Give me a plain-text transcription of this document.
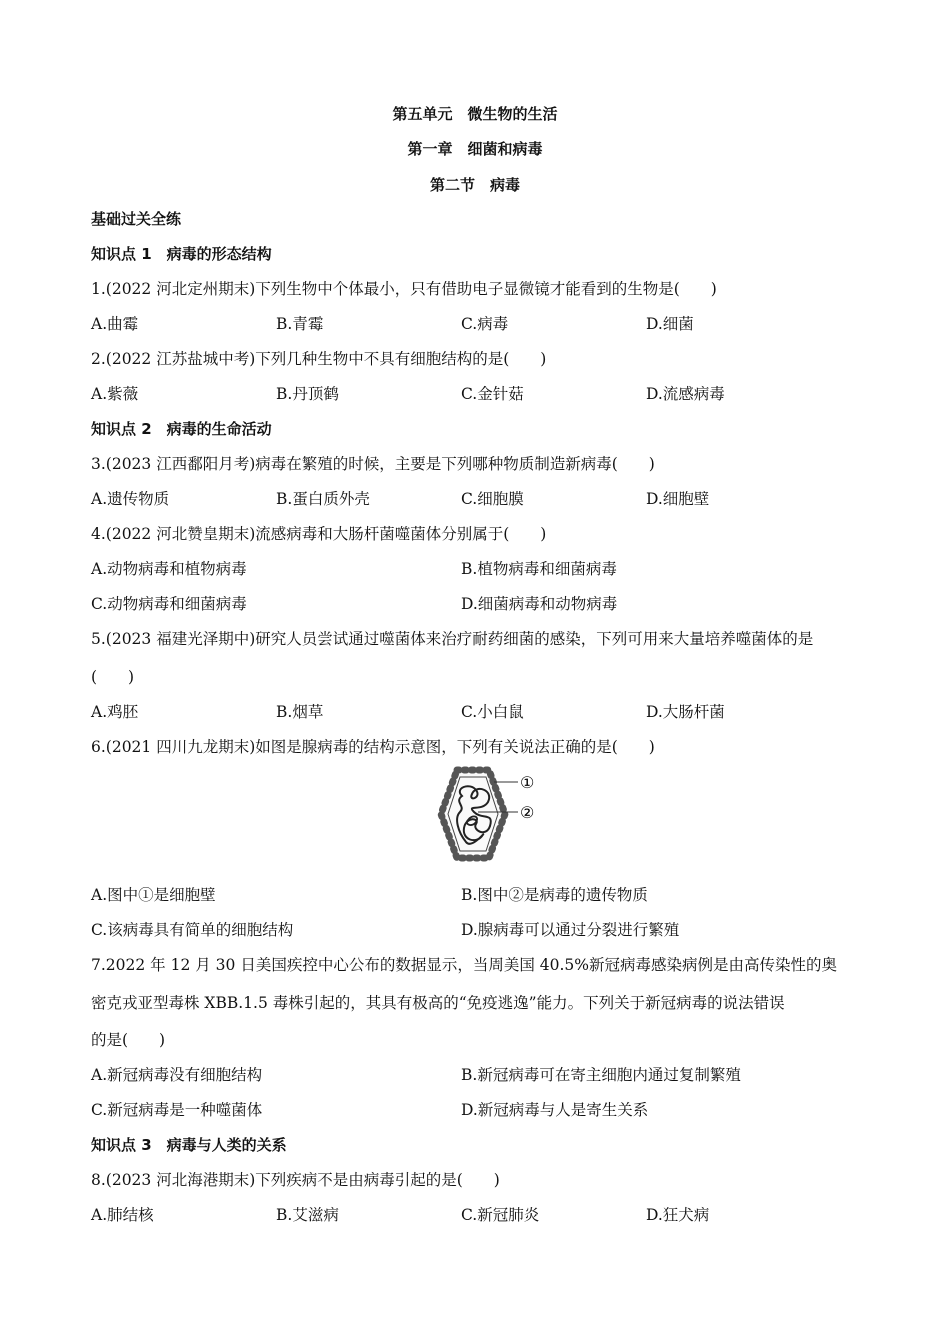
第五单元　微生物的生活
第一章　细菌和病毒
第二节　病毒
基础过关全练
知识点 1　病毒的形态结构
1.(2022 河北定州期末)下列生物中个体最小，只有借助电子显微镜才能看到的生物是(　　)
A.曲霉	B.青霉	C.病毒	D.细菌
2.(2022 江苏盐城中考)下列几种生物中不具有细胞结构的是(　　)
A.紫薇	B.丹顶鹤	C.金针菇	D.流感病毒
知识点 2　病毒的生命活动
3.(2023 江西鄱阳月考)病毒在繁殖的时候，主要是下列哪种物质制造新病毒(　　)
A.遗传物质	B.蛋白质外壳	C.细胞膜	D.细胞壁
4.(2022 河北赞皇期末)流感病毒和大肠杆菌噬菌体分别属于(　　)
A.动物病毒和植物病毒	B.植物病毒和细菌病毒
C.动物病毒和细菌病毒	D.细菌病毒和动物病毒
5.(2023 福建光泽期中)研究人员尝试通过噬菌体来治疗耐药细菌的感染，下列可用来大量培养噬菌体的是
(　　)
A.鸡胚	B.烟草	C.小白鼠	D.大肠杆菌
6.(2021 四川九龙期末)如图是腺病毒的结构示意图，下列有关说法正确的是(　　)
①
②
A.图中①是细胞壁	B.图中②是病毒的遗传物质
C.该病毒具有简单的细胞结构	D.腺病毒可以通过分裂进行繁殖
7.2022 年 12 月 30 日美国疾控中心公布的数据显示，当周美国 40.5%新冠病毒感染病例是由高传染性的奥
密克戎亚型毒株 XBB.1.5 毒株引起的，其具有极高的“免疫逃逸”能力。下列关于新冠病毒的说法错误
的是(　　)
A.新冠病毒没有细胞结构	B.新冠病毒可在寄主细胞内通过复制繁殖
C.新冠病毒是一种噬菌体	D.新冠病毒与人是寄生关系
知识点 3　病毒与人类的关系
8.(2023 河北海港期末)下列疾病不是由病毒引起的是(　　)
A.肺结核	B.艾滋病	C.新冠肺炎	D.狂犬病
